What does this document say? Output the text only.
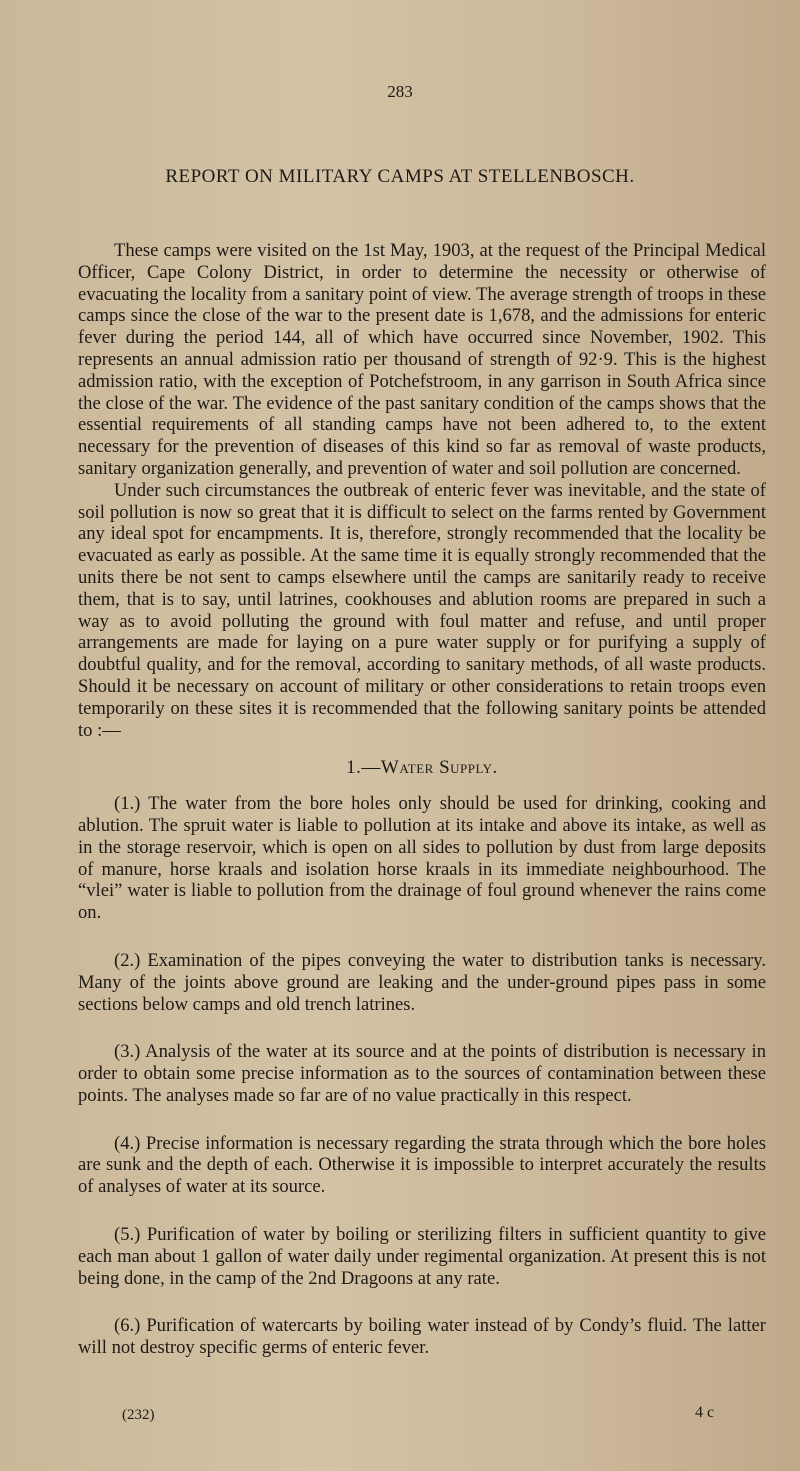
283
REPORT ON MILITARY CAMPS AT STELLENBOSCH.

These camps were visited on the 1st May, 1903, at the request of the Principal Medical Officer, Cape Colony District, in order to determine the necessity or otherwise of evacuating the locality from a sanitary point of view. The average strength of troops in these camps since the close of the war to the present date is 1,678, and the admissions for enteric fever during the period 144, all of which have occurred since November, 1902. This represents an annual admission ratio per thousand of strength of 92·9. This is the highest admission ratio, with the exception of Potchefstroom, in any garrison in South Africa since the close of the war. The evidence of the past sanitary condition of the camps shows that the essential requirements of all standing camps have not been adhered to, to the extent necessary for the prevention of diseases of this kind so far as removal of waste products, sanitary organization generally, and prevention of water and soil pollution are concerned.

Under such circumstances the outbreak of enteric fever was inevitable, and the state of soil pollution is now so great that it is difficult to select on the farms rented by Government any ideal spot for encampments. It is, therefore, strongly recommended that the locality be evacuated as early as possible. At the same time it is equally strongly recommended that the units there be not sent to camps elsewhere until the camps are sanitarily ready to receive them, that is to say, until latrines, cookhouses and ablution rooms are prepared in such a way as to avoid polluting the ground with foul matter and refuse, and until proper arrangements are made for laying on a pure water supply or for purifying a supply of doubtful quality, and for the removal, according to sanitary methods, of all waste products. Should it be necessary on account of military or other considerations to retain troops even temporarily on these sites it is recommended that the following sanitary points be attended to :—

1.—Water Supply.

(1.) The water from the bore holes only should be used for drinking, cooking and ablution. The spruit water is liable to pollution at its intake and above its intake, as well as in the storage reservoir, which is open on all sides to pollution by dust from large deposits of manure, horse kraals and isolation horse kraals in its immediate neighbourhood. The “vlei” water is liable to pollution from the drainage of foul ground whenever the rains come on.

(2.) Examination of the pipes conveying the water to distribution tanks is necessary. Many of the joints above ground are leaking and the under-ground pipes pass in some sections below camps and old trench latrines.

(3.) Analysis of the water at its source and at the points of distribution is necessary in order to obtain some precise information as to the sources of contamination between these points. The analyses made so far are of no value practically in this respect.

(4.) Precise information is necessary regarding the strata through which the bore holes are sunk and the depth of each. Otherwise it is impossible to interpret accurately the results of analyses of water at its source.

(5.) Purification of water by boiling or sterilizing filters in sufficient quantity to give each man about 1 gallon of water daily under regimental organization. At present this is not being done, in the camp of the 2nd Dragoons at any rate.

(6.) Purification of watercarts by boiling water instead of by Condy’s fluid. The latter will not destroy specific germs of enteric fever.

(232)	4 c
